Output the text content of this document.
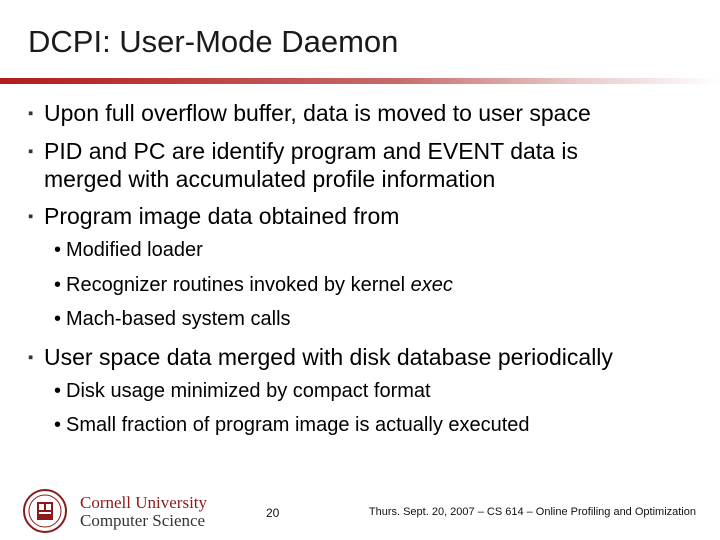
DCPI: User-Mode Daemon
▪ Upon full overflow buffer, data is moved to user space
▪ PID and PC are identify program and EVENT data is
merged with accumulated profile information
▪ Program image data obtained from
• Modified loader
• Recognizer routines invoked by kernel exec
• Mach-based system calls
▪ User space data merged with disk database periodically
• Disk usage minimized by compact format
• Small fraction of program image is actually executed
Cornell University
Computer Science	20	Thurs. Sept. 20, 2007 – CS 614 – Online Profiling and Optimization
